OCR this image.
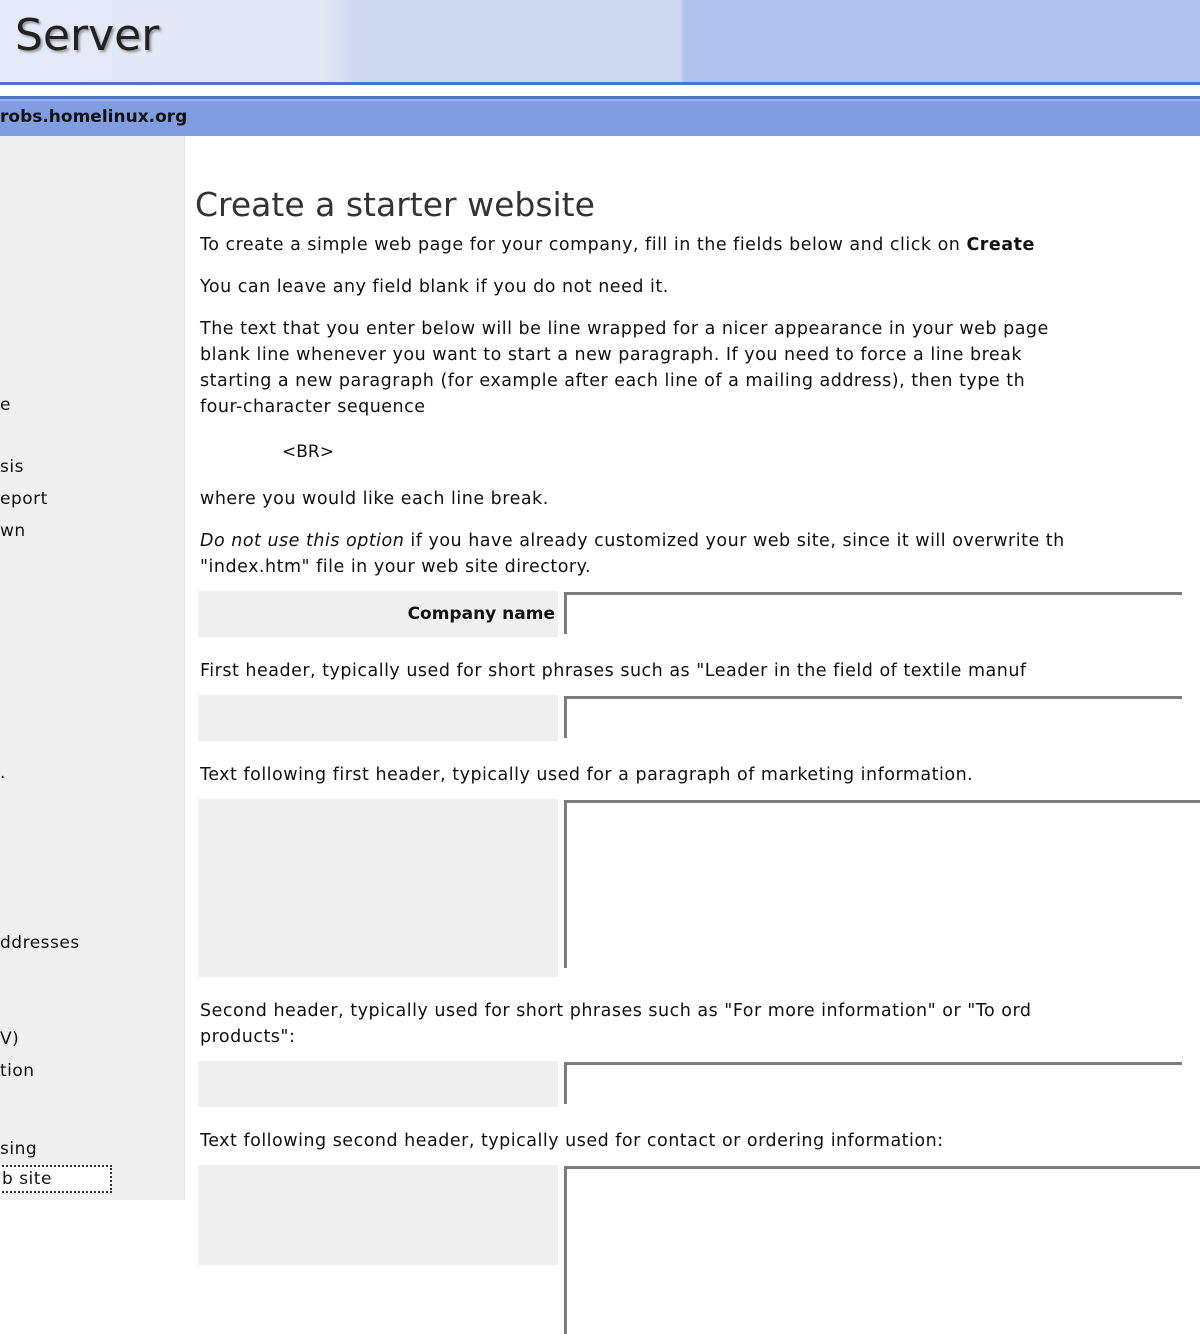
Server
robs.homelinux.org
e
sis
eport
wn
.
ddresses
V)
tion
sing
b site
Create a starter website
To create a simple web page for your company, fill in the fields below and click on Create
You can leave any field blank if you do not need it.
The text that you enter below will be line wrapped for a nicer appearance in your web page
blank line whenever you want to start a new paragraph. If you need to force a line break
starting a new paragraph (for example after each line of a mailing address), then type th
four-character sequence
<BR>
where you would like each line break.
Do not use this option if you have already customized your web site, since it will overwrite th
"index.htm" file in your web site directory.
Company name
First header, typically used for short phrases such as "Leader in the field of textile manuf
Text following first header, typically used for a paragraph of marketing information.
Second header, typically used for short phrases such as "For more information" or "To ord
products":
Text following second header, typically used for contact or ordering information:
